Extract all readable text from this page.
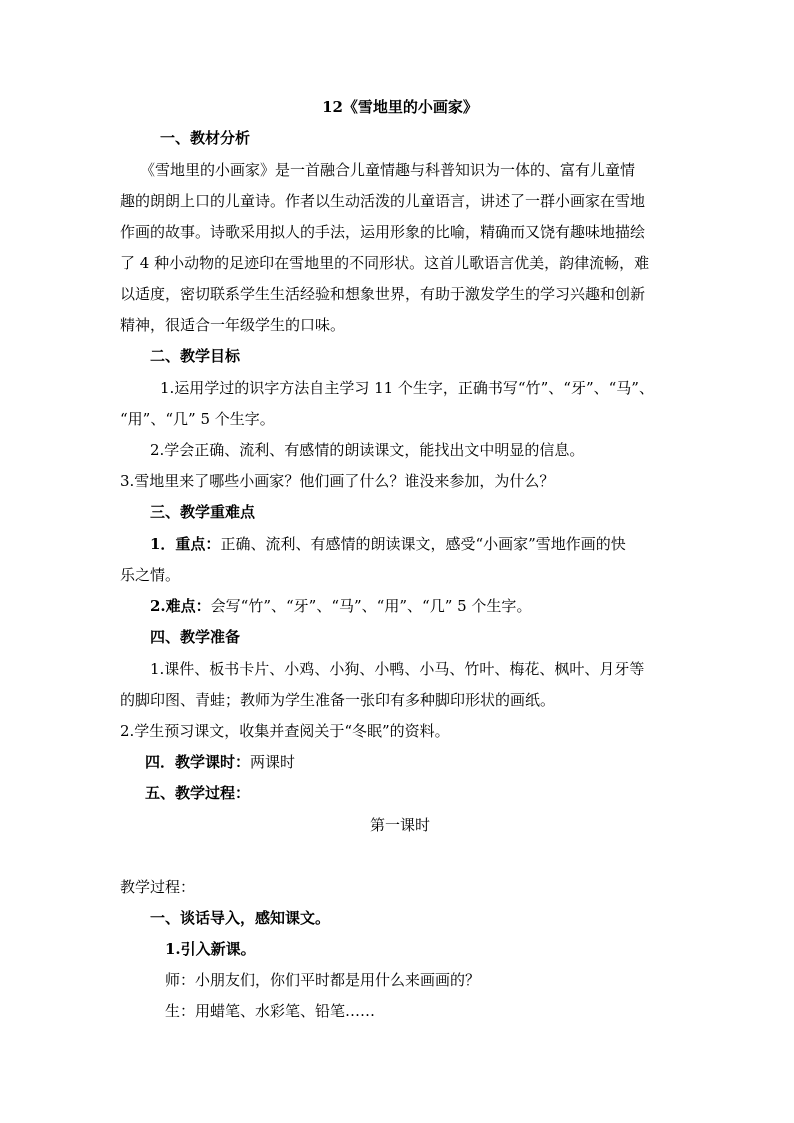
12《雪地里的小画家》
一、教材分析
《雪地里的小画家》是一首融合儿童情趣与科普知识为一体的、富有儿童情
趣的朗朗上口的儿童诗。作者以生动活泼的儿童语言，讲述了一群小画家在雪地
作画的故事。诗歌采用拟人的手法，运用形象的比喻，精确而又饶有趣味地描绘
了 4 种小动物的足迹印在雪地里的不同形状。这首儿歌语言优美，韵律流畅，难
以适度，密切联系学生生活经验和想象世界，有助于激发学生的学习兴趣和创新
精神，很适合一年级学生的口味。
二、教学目标
1.运用学过的识字方法自主学习 11 个生字，正确书写“竹”、“牙”、“马”、
“用”、“几” 5 个生字。
2.学会正确、流利、有感情的朗读课文，能找出文中明显的信息。
3.雪地里来了哪些小画家？他们画了什么？谁没来参加，为什么？
三、教学重难点
1．重点：正确、流利、有感情的朗读课文，感受“小画家”雪地作画的快
乐之情。
2.难点：会写“竹”、“牙”、“马”、“用”、“几” 5 个生字。
四、教学准备
1.课件、板书卡片、小鸡、小狗、小鸭、小马、竹叶、梅花、枫叶、月牙等
的脚印图、青蛙；教师为学生准备一张印有多种脚印形状的画纸。
2.学生预习课文，收集并查阅关于“冬眠”的资料。
四．教学课时：两课时
五、教学过程：
第一课时
教学过程：
一、谈话导入，感知课文。
1.引入新课。
师：小朋友们，你们平时都是用什么来画画的？
生：用蜡笔、水彩笔、铅笔……
